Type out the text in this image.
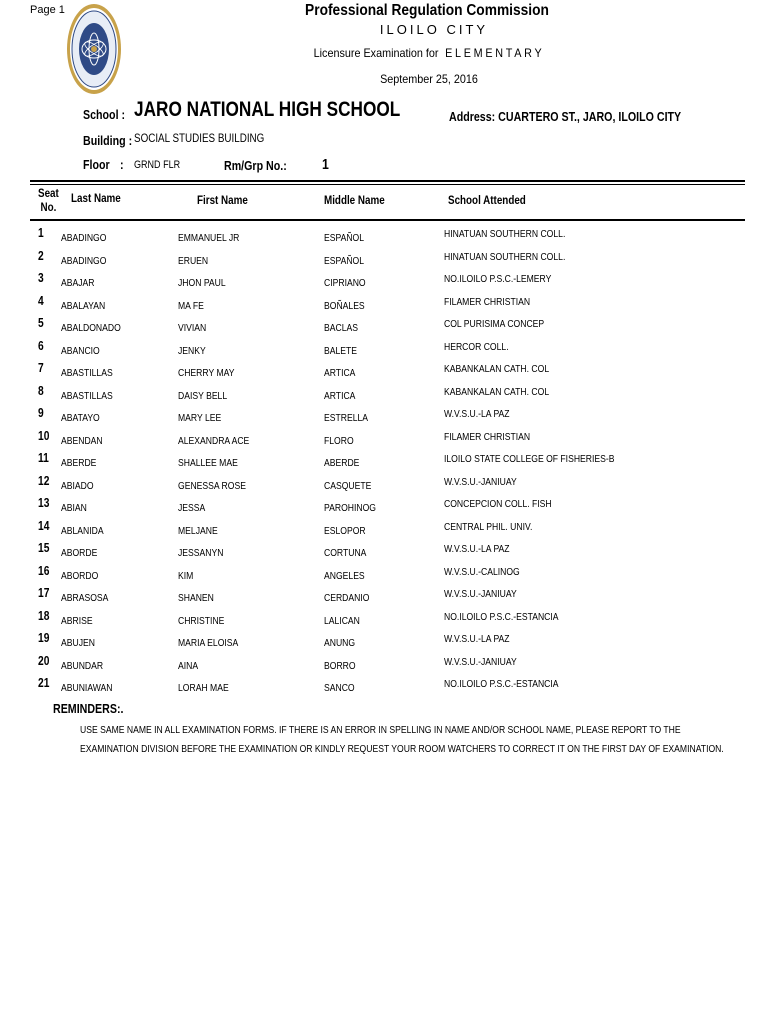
Page 1	Professional Regulation Commission
ILOILO CITY
Licensure Examination for ELEMENTARY
September 25, 2016
School : JARO NATIONAL HIGH SCHOOL	Address: CUARTERO ST., JARO, ILOILO CITY
Building : SOCIAL STUDIES BUILDING
Floor : GRND FLR	Rm/Grp No.: 1
Seat
No.
Last Name	First Name	Middle Name	School Attended
1 ABADINGO	EMMANUEL JR	ESPAÑOL	HINATUAN SOUTHERN COLL.
2 ABADINGO	ERUEN	ESPAÑOL	HINATUAN SOUTHERN COLL.
3 ABAJAR	JHON PAUL	CIPRIANO	NO.ILOILO P.S.C.-LEMERY
4 ABALAYAN	MA FE	BOÑALES	FILAMER CHRISTIAN
5 ABALDONADO	VIVIAN	BACLAS	COL PURISIMA CONCEP
6 ABANCIO	JENKY	BALETE	HERCOR COLL.
7 ABASTILLAS	CHERRY MAY	ARTICA	KABANKALAN CATH. COL
8 ABASTILLAS	DAISY BELL	ARTICA	KABANKALAN CATH. COL
9 ABATAYO	MARY LEE	ESTRELLA	W.V.S.U.-LA PAZ
10 ABENDAN	ALEXANDRA ACE	FLORO	FILAMER CHRISTIAN
11 ABERDE	SHALLEE MAE	ABERDE	ILOILO STATE COLLEGE OF FISHERIES-B
12 ABIADO	GENESSA ROSE	CASQUETE	W.V.S.U.-JANIUAY
13 ABIAN	JESSA	PAROHINOG	CONCEPCION COLL. FISH
14 ABLANIDA	MELJANE	ESLOPOR	CENTRAL PHIL. UNIV.
15 ABORDE	JESSANYN	CORTUNA	W.V.S.U.-LA PAZ
16 ABORDO	KIM	ANGELES	W.V.S.U.-CALINOG
17 ABRASOSA	SHANEN	CERDANIO	W.V.S.U.-JANIUAY
18 ABRISE	CHRISTINE	LALICAN	NO.ILOILO P.S.C.-ESTANCIA
19 ABUJEN	MARIA ELOISA	ANUNG	W.V.S.U.-LA PAZ
20 ABUNDAR	AINA	BORRO	W.V.S.U.-JANIUAY
21 ABUNIAWAN	LORAH MAE	SANCO	NO.ILOILO P.S.C.-ESTANCIA
REMINDERS:.
USE SAME NAME IN ALL EXAMINATION FORMS. IF THERE IS AN ERROR IN SPELLING IN NAME AND/OR SCHOOL NAME, PLEASE REPORT TO THE
EXAMINATION DIVISION BEFORE THE EXAMINATION OR KINDLY REQUEST YOUR ROOM WATCHERS TO CORRECT IT ON THE FIRST DAY OF EXAMINATION.
